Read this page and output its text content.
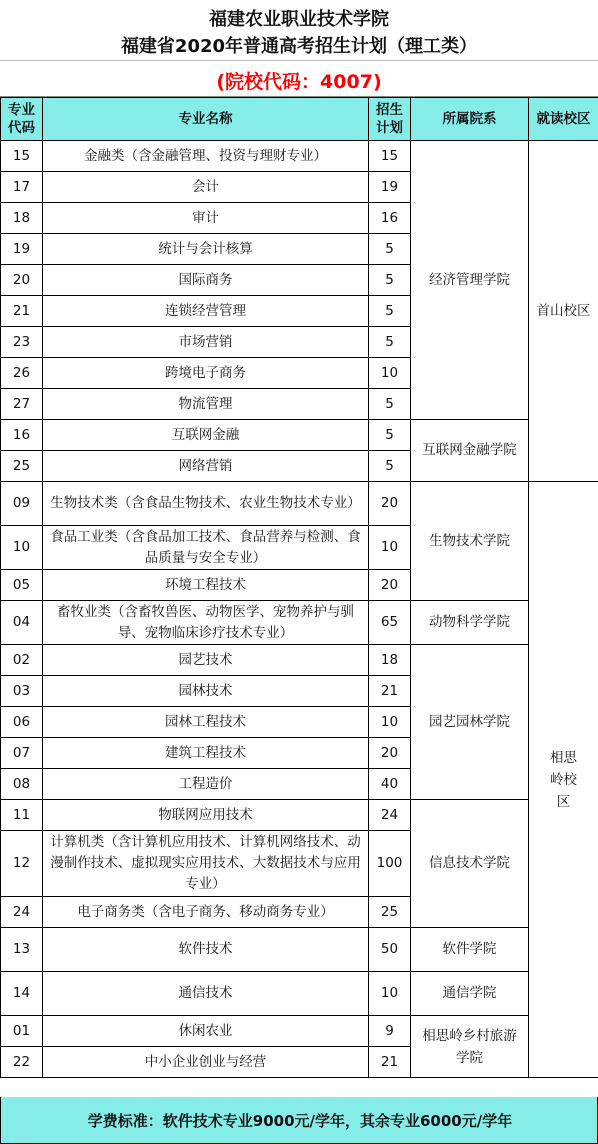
福建农业职业技术学院
福建省2020年普通高考招生计划（理工类）
(院校代码：4007)
专业代码	专业名称	招生计划	所属院系	就读校区
15	金融类（含金融管理、投资与理财专业）	15	经济管理学院	首山校区
17	会计	19		
18	审计	16		
19	统计与会计核算	5		
20	国际商务	5		
21	连锁经营管理	5		
23	市场营销	5		
26	跨境电子商务	10		
27	物流管理	5		
16	互联网金融	5	互联网金融学院	
25	网络营销	5		
09	生物技术类（含食品生物技术、农业生物技术专业）	20	生物技术学院	相思岭校区
10	食品工业类（含食品加工技术、食品营养与检测、食品质量与安全专业）	10		
05	环境工程技术	20		
04	畜牧业类（含畜牧兽医、动物医学、宠物养护与驯导、宠物临床诊疗技术专业）	65	动物科学学院	
02	园艺技术	18	园艺园林学院	
03	园林技术	21		
06	园林工程技术	10		
07	建筑工程技术	20		
08	工程造价	40		
11	物联网应用技术	24	信息技术学院	
12	计算机类（含计算机应用技术、计算机网络技术、动漫制作技术、虚拟现实应用技术、大数据技术与应用专业）	100		
24	电子商务类（含电子商务、移动商务专业）	25		
13	软件技术	50	软件学院	
14	通信技术	10	通信学院	
01	休闲农业	9	相思岭乡村旅游学院	
22	中小企业创业与经营	21		
学费标准：软件技术专业9000元/学年，其余专业6000元/学年
